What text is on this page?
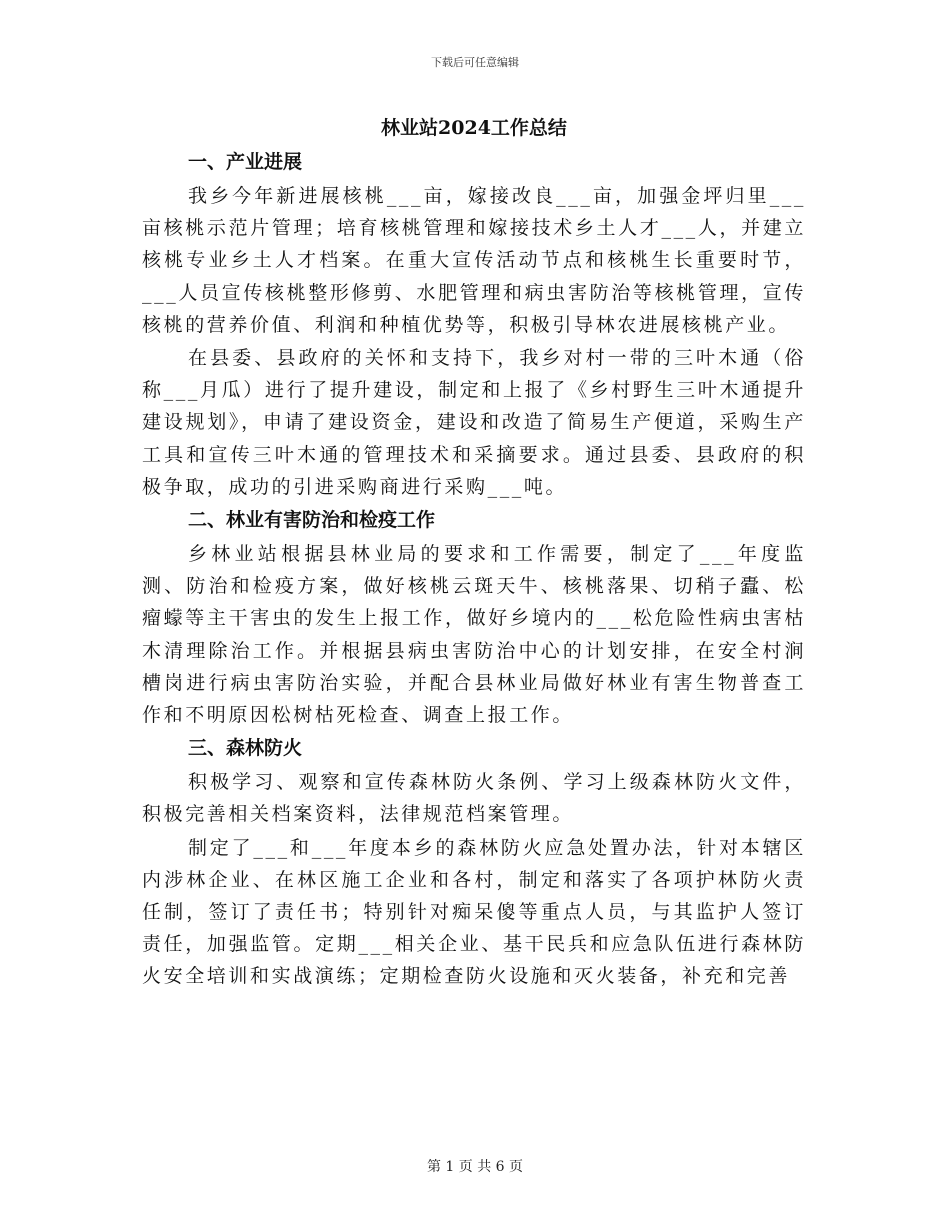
下载后可任意编辑
林业站2024工作总结
一、产业进展

我乡今年新进展核桃___亩，嫁接改良___亩，加强金坪归里___亩核桃示范片管理；培育核桃管理和嫁接技术乡土人才___人，并建立核桃专业乡土人才档案。在重大宣传活动节点和核桃生长重要时节，___人员宣传核桃整形修剪、水肥管理和病虫害防治等核桃管理，宣传核桃的营养价值、利润和种植优势等，积极引导林农进展核桃产业。

在县委、县政府的关怀和支持下，我乡对村一带的三叶木通（俗称___月瓜）进行了提升建设，制定和上报了《乡村野生三叶木通提升建设规划》，申请了建设资金，建设和改造了简易生产便道，采购生产工具和宣传三叶木通的管理技术和采摘要求。通过县委、县政府的积极争取，成功的引进采购商进行采购___吨。

二、林业有害防治和检疫工作

乡林业站根据县林业局的要求和工作需要，制定了___年度监测、防治和检疫方案，做好核桃云斑天牛、核桃落果、切稍子蠹、松瘤蠓等主干害虫的发生上报工作，做好乡境内的___松危险性病虫害枯木清理除治工作。并根据县病虫害防治中心的计划安排，在安全村涧槽岗进行病虫害防治实验，并配合县林业局做好林业有害生物普查工作和不明原因松树枯死检查、调查上报工作。

三、森林防火

积极学习、观察和宣传森林防火条例、学习上级森林防火文件，积极完善相关档案资料，法律规范档案管理。

制定了___和___年度本乡的森林防火应急处置办法，针对本辖区内涉林企业、在林区施工企业和各村，制定和落实了各项护林防火责任制，签订了责任书；特别针对痴呆傻等重点人员，与其监护人签订责任，加强监管。定期___相关企业、基干民兵和应急队伍进行森林防火安全培训和实战演练；定期检查防火设施和灭火装备，补充和完善

第 1 页 共 6 页
